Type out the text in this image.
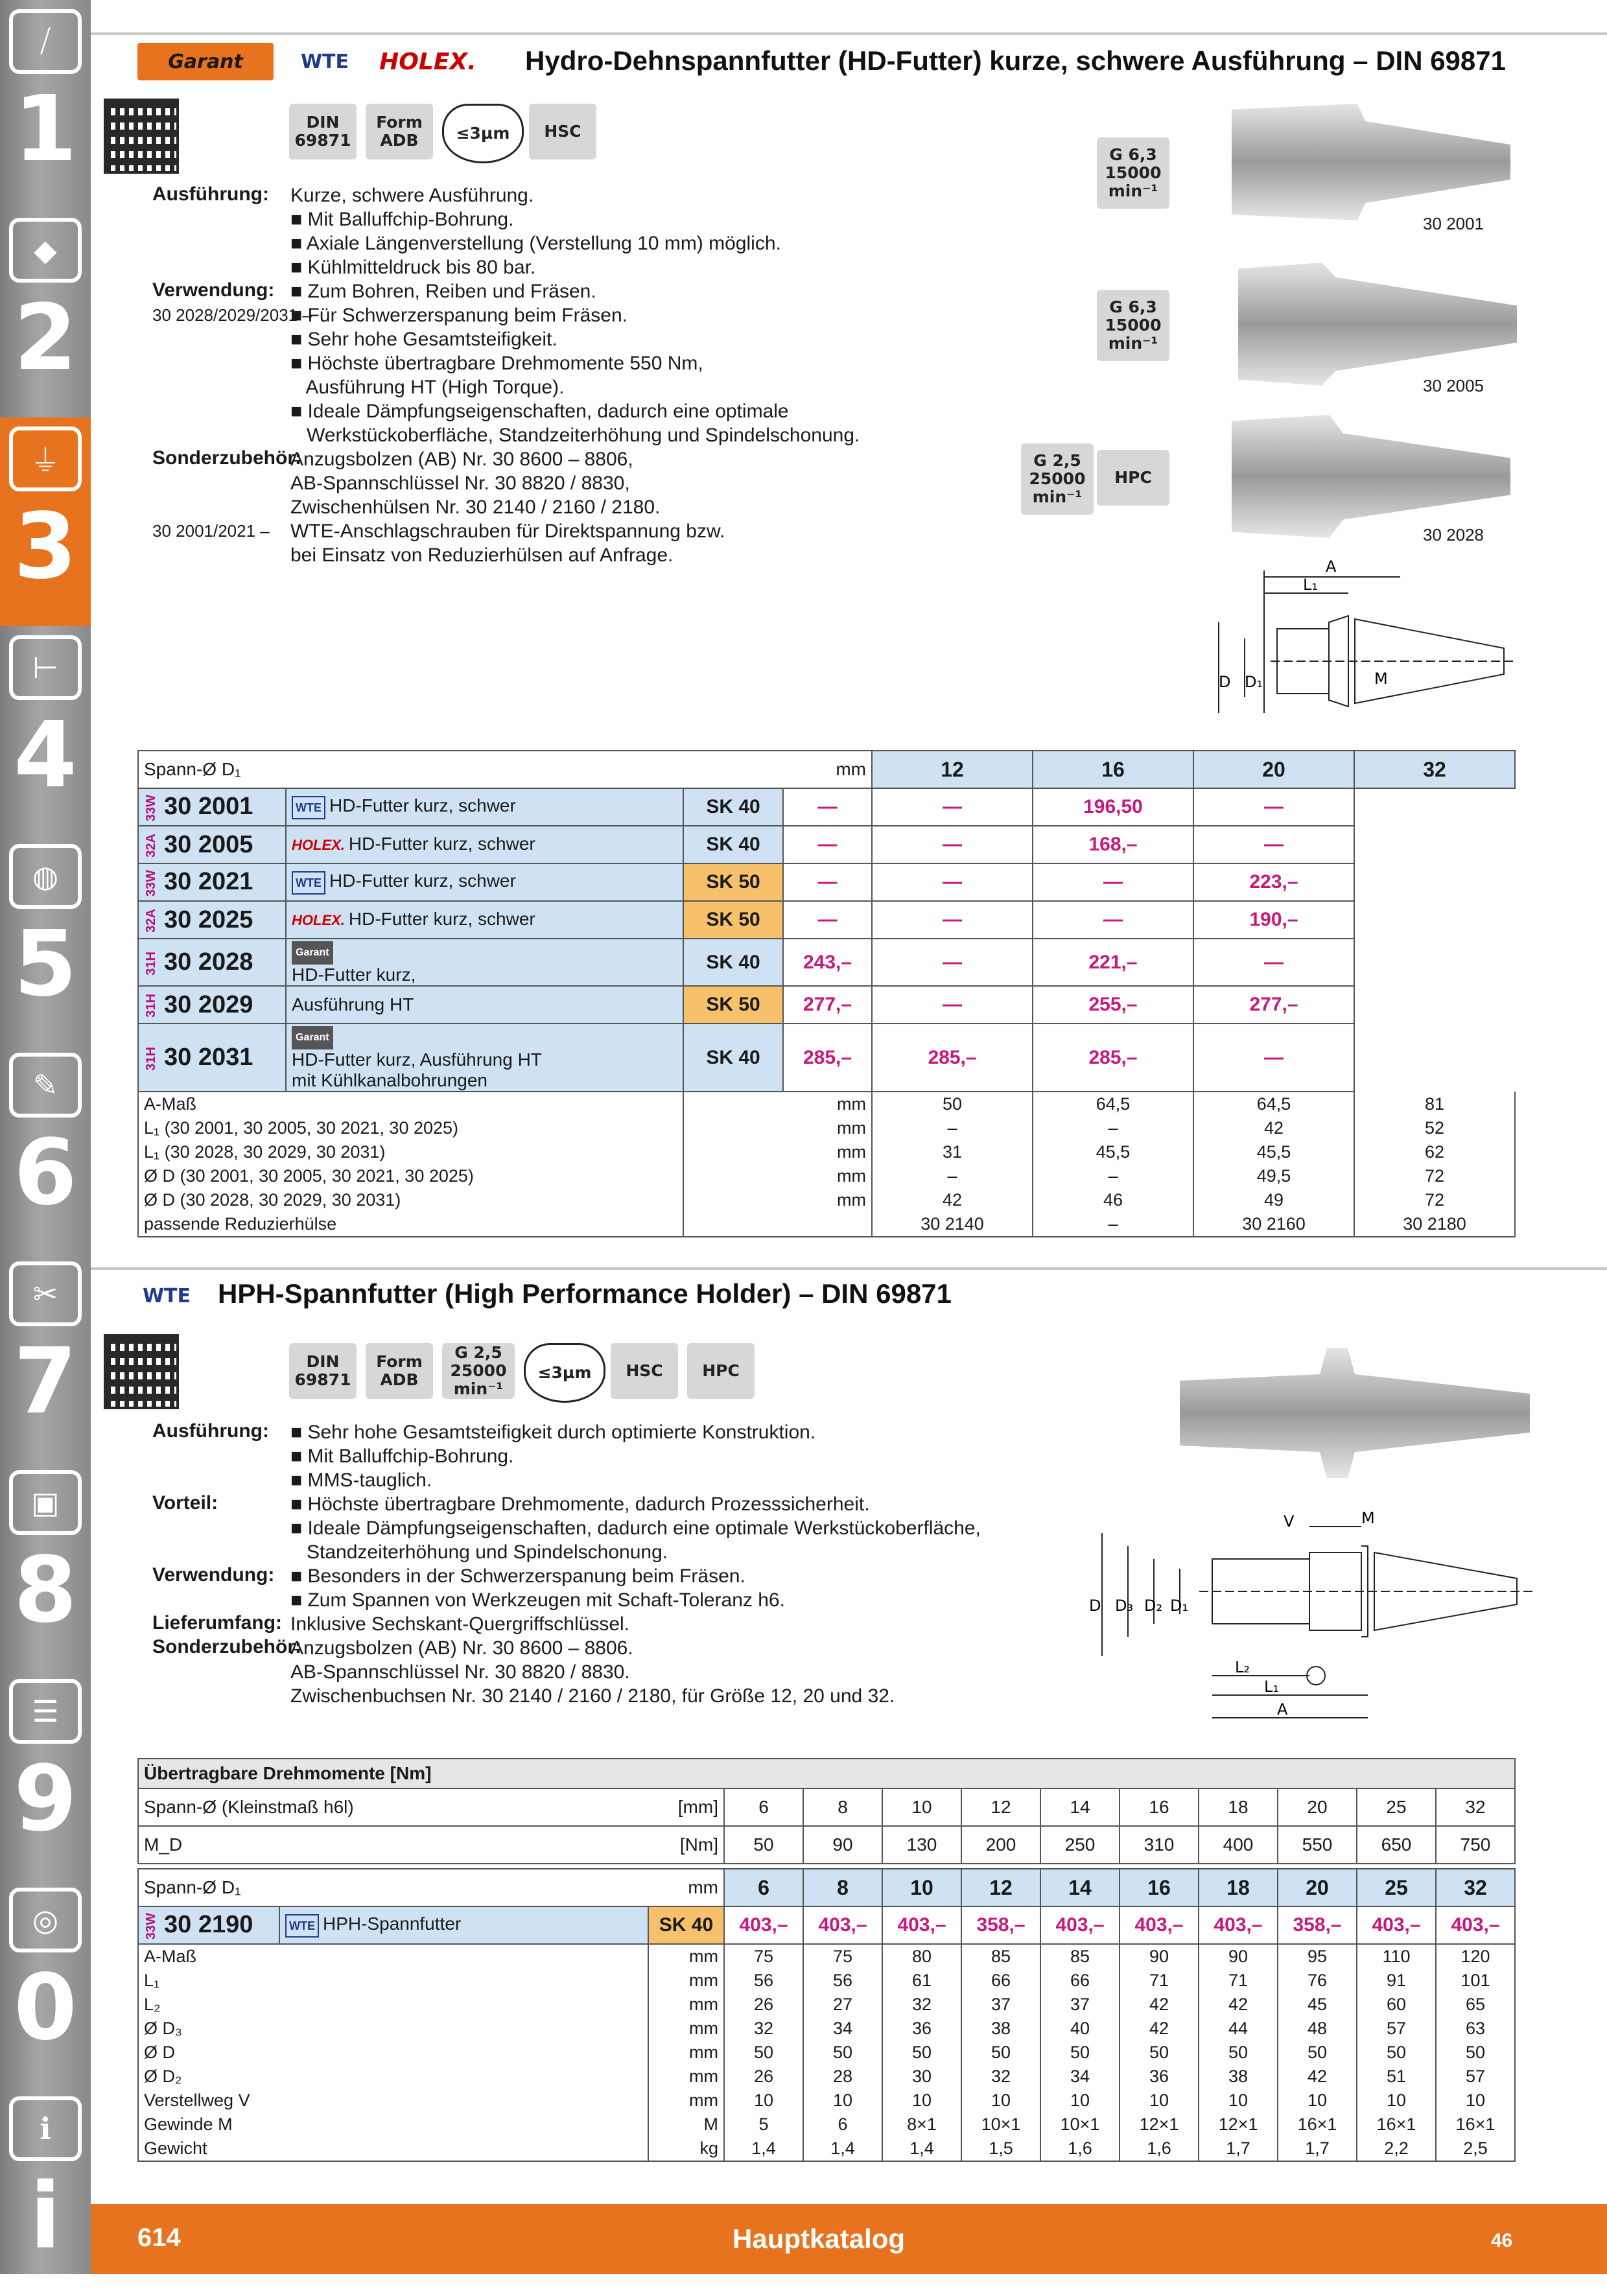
⧸
1
◆
2
⏚
3
⊢
4
◍
5
✎
6
✂
7
▣
8
☰
9
◎
0
ℹ
i
Garant	WTE HOLEX. Hydro-Dehnspannfutter (HD-Futter) kurze, schwere Ausführung – DIN 69871
DIN
69871
Form
ADB	≤3µm	HSC
Ausführung: Kurze, schwere Ausführung.
■ Mit Balluffchip-Bohrung.
■ Axiale Längenverstellung (Verstellung 10 mm) möglich.
■ Kühlmitteldruck bis 80 bar.
Verwendung: ■ Zum Bohren, Reiben und Fräsen.
30 2028/2029/2031 –
■ Für Schwerzerspanung beim Fräsen.
■ Sehr hohe Gesamtsteifigkeit.
■ Höchste übertragbare Drehmomente 550 Nm,
Ausführung HT (High Torque).
■ Ideale Dämpfungseigenschaften, dadurch eine optimale
Werkstückoberfläche, Standzeiterhöhung und Spindelschonung.
Sonderzubehör:
Anzugsbolzen (AB) Nr. 30 8600 – 8806,
AB-Spannschlüssel Nr. 30 8820 / 8830,
Zwischenhülsen Nr. 30 2140 / 2160 / 2180.
30 2001/2021 – WTE-Anschlagschrauben für Direktspannung bzw.
bei Einsatz von Reduzierhülsen auf Anfrage.
G 6,3
15000
min⁻¹
G 6,3
15000
min⁻¹
G 2,5
25000
min⁻¹
HPC
30 2001
30 2005
30 2028
A
L₁
D D₁	M
Spann-Ø D₁			mm	12	16	20	32
33W 30 2001	WTE HD-Futter kurz, schwer	SK 40	—	—	196,50	—	
32A 30 2005	HOLEX. HD-Futter kurz, schwer	SK 40	—	—	168,–	—	
33W 30 2021	WTE HD-Futter kurz, schwer	SK 50	—	—	—	223,–	
32A 30 2025	HOLEX. HD-Futter kurz, schwer	SK 50	—	—	—	190,–	
31H 30 2028	Garant
HD-Futter kurz,	SK 40	243,–	—	221,–	—	
31H 30 2029	Ausführung HT	SK 50	277,–	—	255,–	277,–	
31H 30 2031	Garant
HD-Futter kurz, Ausführung HT
mit Kühlkanalbohrungen	SK 40	285,–	285,–	285,–	—	
A-Maß		mm		50	64,5	64,5	81
L₁ (30 2001, 30 2005, 30 2021, 30 2025)		mm		–	–	42	52
L₁ (30 2028, 30 2029, 30 2031)		mm		31	45,5	45,5	62
Ø D (30 2001, 30 2005, 30 2021, 30 2025)		mm		–	–	49,5	72
Ø D (30 2028, 30 2029, 30 2031)		mm		42	46	49	72
passende Reduzierhülse				30 2140	–	30 2160	30 2180
WTE HPH-Spannfutter (High Performance Holder) – DIN 69871
DIN
69871
Form
ADB
G 2,5
25000
min⁻¹
≤3µm	HSC	HPC
Ausführung: ■ Sehr hohe Gesamtsteifigkeit durch optimierte Konstruktion.
■ Mit Balluffchip-Bohrung.
■ MMS-tauglich.
Vorteil:	■ Höchste übertragbare Drehmomente, dadurch Prozesssicherheit.
■ Ideale Dämpfungseigenschaften, dadurch eine optimale Werkstückoberfläche,
Standzeiterhöhung und Spindelschonung.
Verwendung: ■ Besonders in der Schwerzerspanung beim Fräsen.
■ Zum Spannen von Werkzeugen mit Schaft-Toleranz h6.
Lieferumfang: Inklusive Sechskant-Quergriffschlüssel.
Sonderzubehör:
Anzugsbolzen (AB) Nr. 30 8600 – 8806.
AB-Spannschlüssel Nr. 30 8820 / 8830.
Zwischenbuchsen Nr. 30 2140 / 2160 / 2180, für Größe 12, 20 und 32.
V	M
D D₃ D₂ D₁
L₂
L₁
A
Übertragbare Drehmomente [Nm]											
Spann-Ø (Kleinstmaß h6l)	[mm]	6	8	10	12	14	16	18	20	25	32
M_D	[Nm]	50	90	130	200	250	310	400	550	650	750
Spann-Ø D₁		mm	6	8	10	12	14	16	18	20	25	32
33W 30 2190	WTE HPH-Spannfutter	SK 40	403,–	403,–	403,–	358,–	403,–	403,–	403,–	358,–	403,–	403,–
A-Maß		mm	75	75	80	85	85	90	90	95	110	120
L₁		mm	56	56	61	66	66	71	71	76	91	101
L₂		mm	26	27	32	37	37	42	42	45	60	65
Ø D₃		mm	32	34	36	38	40	42	44	48	57	63
Ø D		mm	50	50	50	50	50	50	50	50	50	50
Ø D₂		mm	26	28	30	32	34	36	38	42	51	57
Verstellweg V		mm	10	10	10	10	10	10	10	10	10	10
Gewinde M		M	5	6	8×1	10×1	10×1	12×1	12×1	16×1	16×1	16×1
Gewicht		kg	1,4	1,4	1,4	1,5	1,6	1,6	1,7	1,7	2,2	2,5
614	Hauptkatalog	46
